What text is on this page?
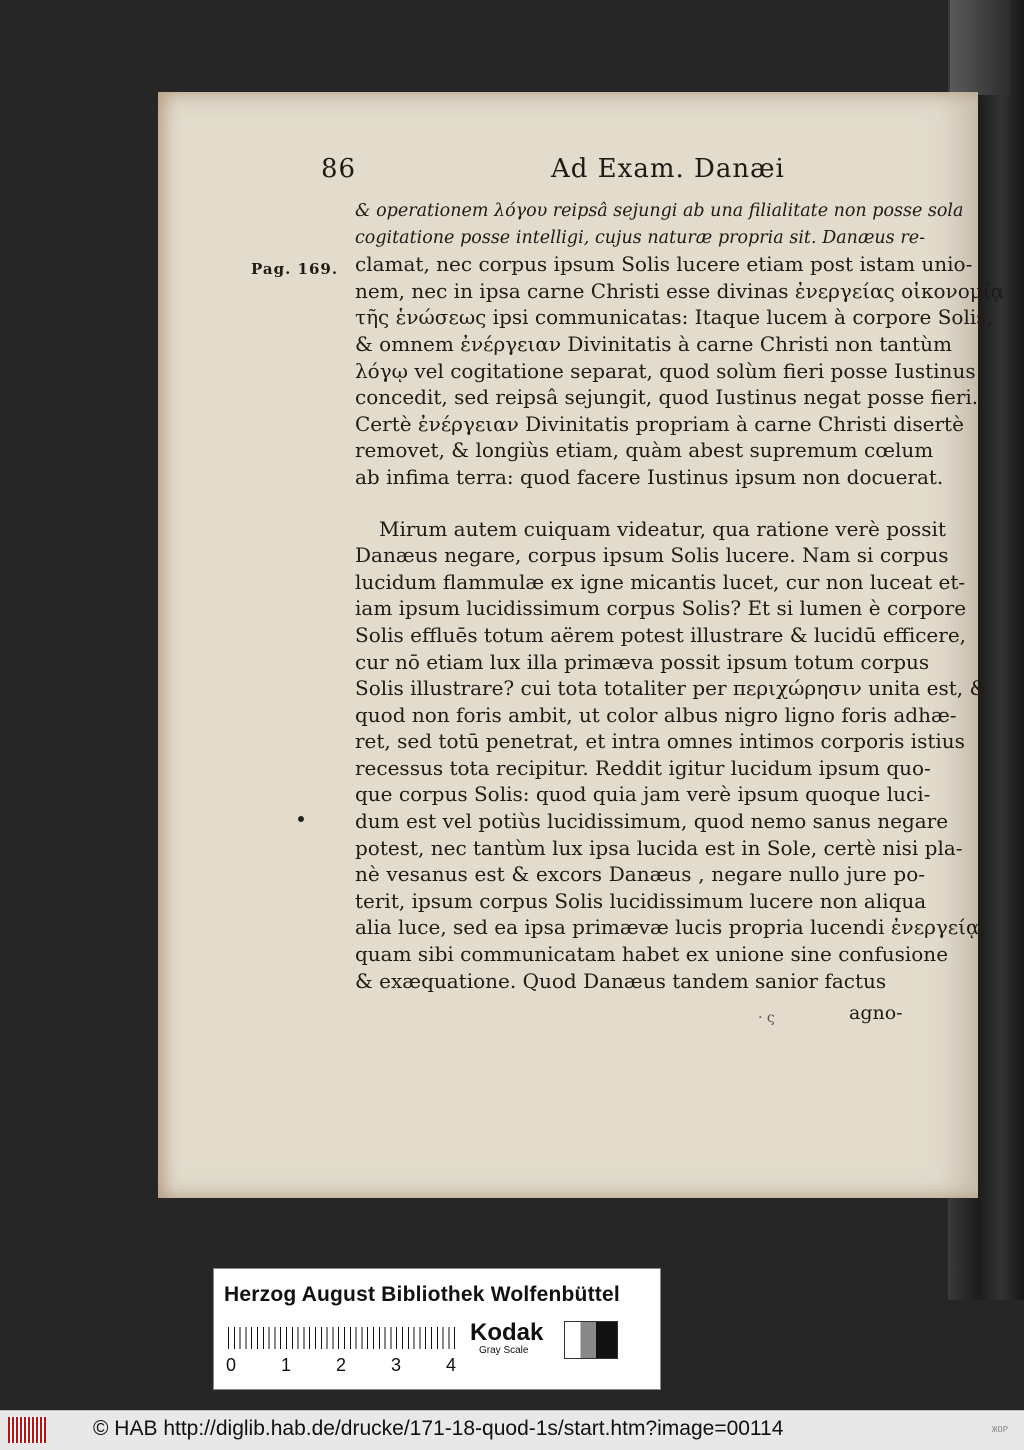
86	Ad Exam. Danæi
Pag. 169.
& operationem λόγου reipsâ sejungi ab una filialitate non posse sola
cogitatione posse intelligi, cujus naturæ propria sit. Danæus re-
clamat, nec corpus ipsum Solis lucere etiam post istam unio-
nem, nec in ipsa carne Christi esse divinas ἐνεργείας οἰκονομίᾳ
τῆς ἑνώσεως ipsi communicatas: Itaque lucem à corpore Solis,
& omnem ἐνέργειαν Divinitatis à carne Christi non tantùm
λόγῳ vel cogitatione separat, quod solùm fieri posse Iustinus
concedit, sed reipsâ sejungit, quod Iustinus negat posse fieri.
Certè ἐνέργειαν Divinitatis propriam à carne Christi disertè
removet, & longiùs etiam, quàm abest supremum cœlum
ab infima terra: quod facere Iustinus ipsum non docuerat.
Mirum autem cuiquam videatur, qua ratione verè possit
Danæus negare, corpus ipsum Solis lucere. Nam si corpus
lucidum flammulæ ex igne micantis lucet, cur non luceat et-
iam ipsum lucidissimum corpus Solis? Et si lumen è corpore
Solis effluēs totum aërem potest illustrare & lucidū efficere,
cur nō etiam lux illa primæva possit ipsum totum corpus
Solis illustrare? cui tota totaliter per περιχώρησιν unita est, &
quod non foris ambit, ut color albus nigro ligno foris adhæ-
ret, sed totū penetrat, et intra omnes intimos corporis istius
recessus tota recipitur. Reddit igitur lucidum ipsum quo-
que corpus Solis: quod quia jam verè ipsum quoque luci-
dum est vel potiùs lucidissimum, quod nemo sanus negare
potest, nec tantùm lux ipsa lucida est in Sole, certè nisi pla-
nè vesanus est & excors Danæus , negare nullo jure po-
terit, ipsum corpus Solis lucidissimum lucere non aliqua
alia luce, sed ea ipsa primævæ lucis propria lucendi ἐνεργείᾳ,
quam sibi communicatam habet ex unione sine confusione
& exæquatione. Quod Danæus tandem sanior factus
· ς	agno-
Herzog August Bibliothek Wolfenbüttel
0 1 2 3 4
Kodak
Gray Scale
© HAB http://diglib.hab.de/drucke/171-18-quod-1s/start.htm?image=00114	ЖОР
